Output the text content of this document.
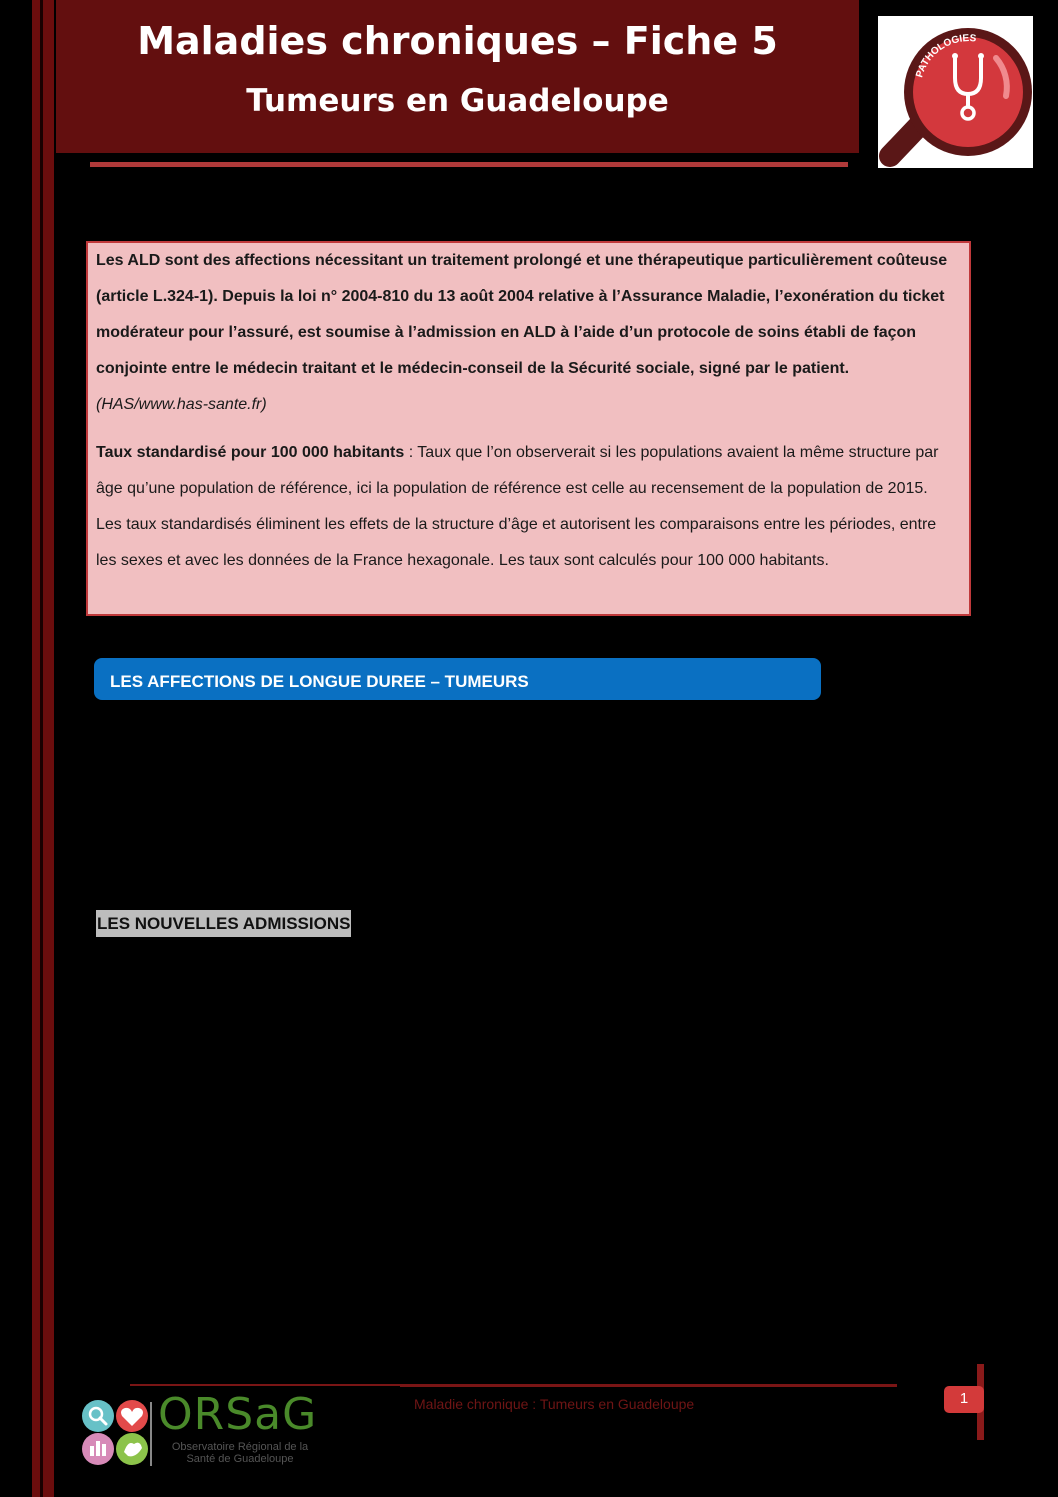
Maladies chroniques – Fiche 5
Tumeurs en Guadeloupe
PATHOLOGIES

Les ALD sont des affections nécessitant un traitement prolongé et une thérapeutique particulièrement coûteuse (article L.324-1). Depuis la loi n° 2004-810 du 13 août 2004 relative à l’Assurance Maladie, l’exonération du ticket modérateur pour l’assuré, est soumise à l’admission en ALD à l’aide d’un protocole de soins établi de façon conjointe entre le médecin traitant et le médecin-conseil de la Sécurité sociale, signé par le patient. (HAS/www.has-sante.fr)

Taux standardisé pour 100 000 habitants : Taux que l’on observerait si les populations avaient la même structure par âge qu’une population de référence, ici la population de référence est celle au recensement de la population de 2015. Les taux standardisés éliminent les effets de la structure d’âge et autorisent les comparaisons entre les périodes, entre les sexes et avec les données de la France hexagonale. Les taux sont calculés pour 100 000 habitants.

LES AFFECTIONS DE LONGUE DUREE – TUMEURS
LES NOUVELLES ADMISSIONS
Maladie chronique : Tumeurs en Guadeloupe	1
ORSaG
Observatoire Régional de la Santé de Guadeloupe
